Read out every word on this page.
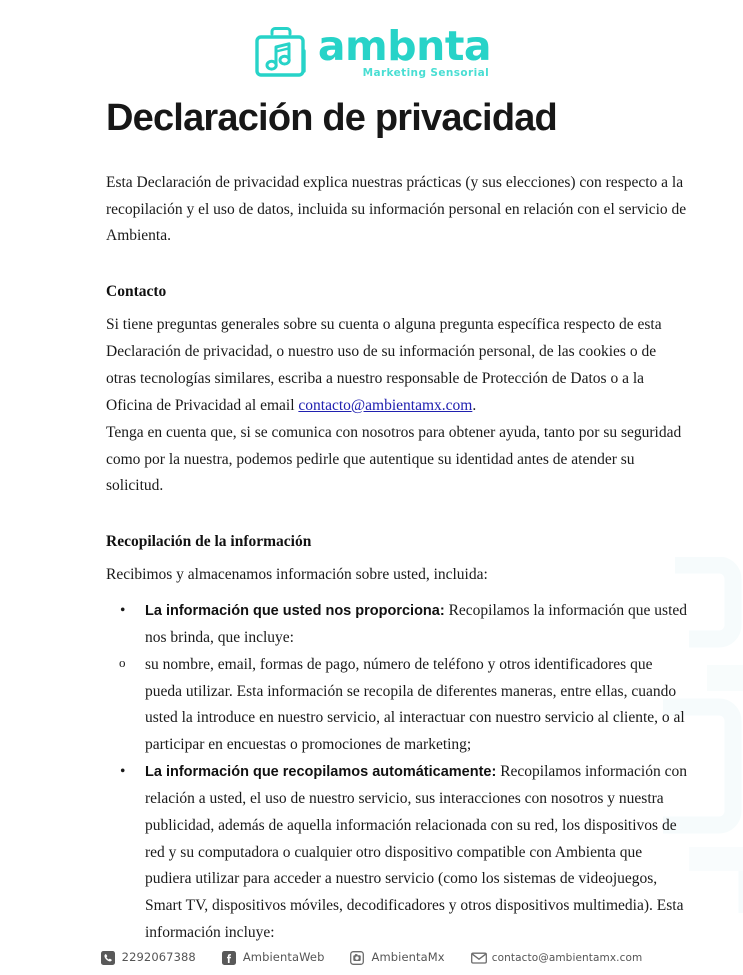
ambnta
Marketing Sensorial
Declaración de privacidad

Esta Declaración de privacidad explica nuestras prácticas (y sus elecciones) con respecto a la recopilación y el uso de datos, incluida su información personal en relación con el servicio de Ambienta.

Contacto

Si tiene preguntas generales sobre su cuenta o alguna pregunta específica respecto de esta Declaración de privacidad, o nuestro uso de su información personal, de las cookies o de otras tecnologías similares, escriba a nuestro responsable de Protección de Datos o a la Oficina de Privacidad al email contacto@ambientamx.com.

Tenga en cuenta que, si se comunica con nosotros para obtener ayuda, tanto por su seguridad como por la nuestra, podemos pedirle que autentique su identidad antes de atender su solicitud.

Recopilación de la información

Recibimos y almacenamos información sobre usted, incluida:

• La información que usted nos proporciona: Recopilamos la información que usted nos brinda, que incluye:
o su nombre, email, formas de pago, número de teléfono y otros identificadores que pueda utilizar. Esta información se recopila de diferentes maneras, entre ellas, cuando usted la introduce en nuestro servicio, al interactuar con nuestro servicio al cliente, o al participar en encuestas o promociones de marketing;
• La información que recopilamos automáticamente: Recopilamos información con relación a usted, el uso de nuestro servicio, sus interacciones con nosotros y nuestra publicidad, además de aquella información relacionada con su red, los dispositivos de red y su computadora o cualquier otro dispositivo compatible con Ambienta que pudiera utilizar para acceder a nuestro servicio (como los sistemas de videojuegos, Smart TV, dispositivos móviles, decodificadores y otros dispositivos multimedia). Esta información incluye:
2292067388	AmbientaWeb	AmbientaMx	contacto@ambientamx.com
